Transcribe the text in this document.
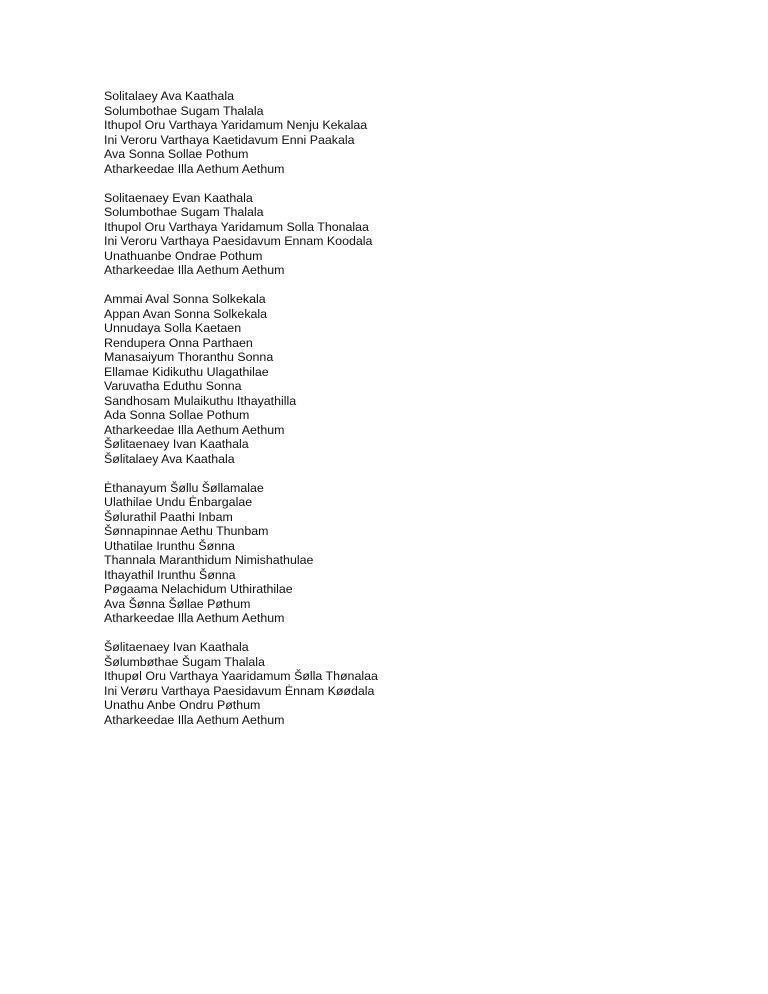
Solitalaey Ava Kaathala
Solumbothae Sugam Thalala
Ithupol Oru Varthaya Yaridamum Nenju Kekalaa
Ini Veroru Varthaya Kaetidavum Enni Paakala
Ava Sonna Sollae Pothum
Atharkeedae Illa Aethum Aethum
Solitaenaey Evan Kaathala
Solumbothae Sugam Thalala
Ithupol Oru Varthaya Yaridamum Solla Thonalaa
Ini Veroru Varthaya Paesidavum Ennam Koodala
Unathuanbe Ondrae Pothum
Atharkeedae Illa Aethum Aethum
Ammai Aval Sonna Solkekala
Appan Avan Sonna Solkekala
Unnudaya Solla Kaetaen
Rendupera Onna Parthaen
Manasaiyum Thoranthu Sonna
Ellamae Kidikuthu Ulagathilae
Varuvatha Eduthu Sonna
Sandhosam Mulaikuthu Ithayathilla
Ada Sonna Sollae Pothum
Atharkeedae Illa Aethum Aethum
Šølitaenaey Ivan Kaathala
Šølitalaey Ava Kaathala
Ėthanayum Šøllu Šøllamalae
Ulathilae Undu Ėnbargalae
Šølurathil Paathi Inbam
Šønnapinnae Aethu Thunbam
Uthatilae Irunthu Šønna
Thannala Maranthidum Nimishathulae
Ithayathil Irunthu Šønna
Pøgaama Nelachidum Uthirathilae
Ava Šønna Šøllae Pøthum
Atharkeedae Illa Aethum Aethum
Šølitaenaey Ivan Kaathala
Šølumbøthae Šugam Thalala
Ithupøl Oru Varthaya Yaaridamum Šølla Thønalaa
Ini Verøru Varthaya Paesidavum Ėnnam Køødala
Unathu Anbe Ondru Pøthum
Atharkeedae Illa Aethum Aethum
